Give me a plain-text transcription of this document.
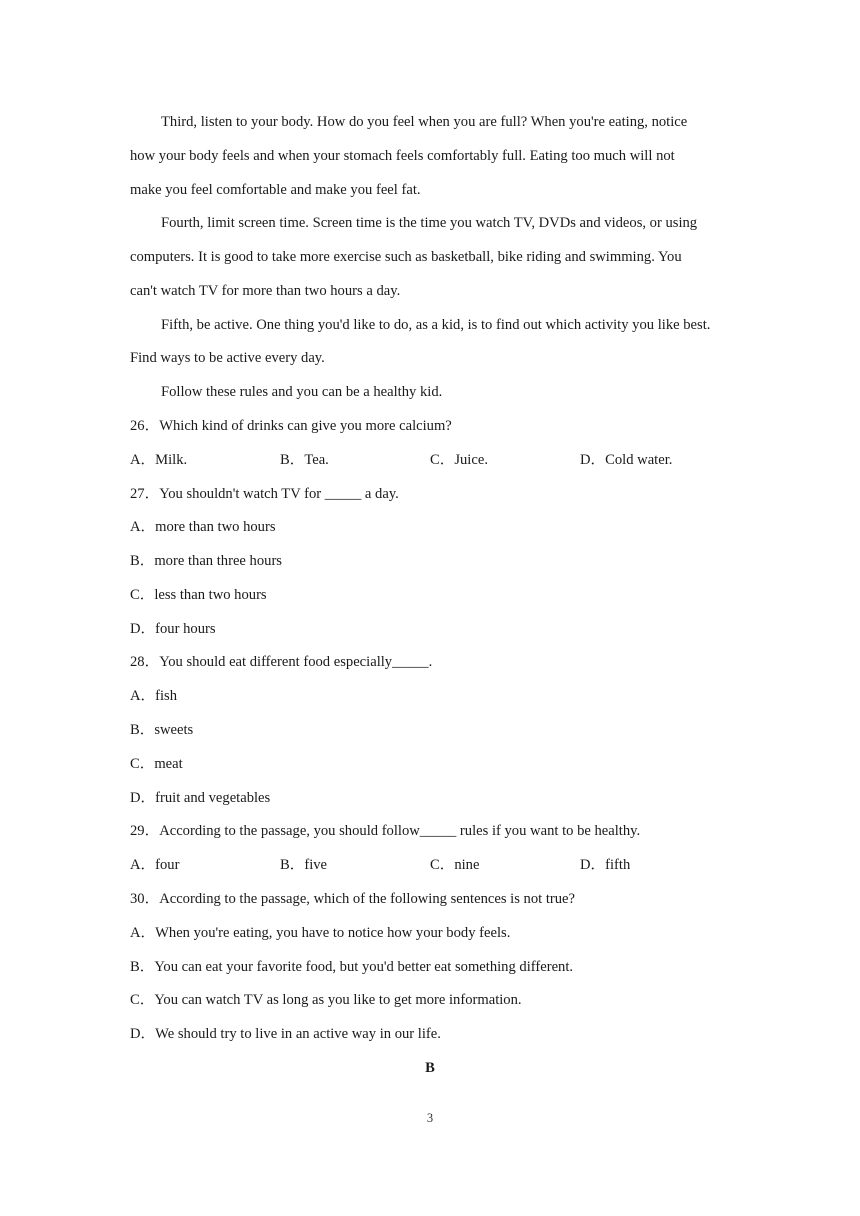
Third, listen to your body. How do you feel when you are full? When you're eating, notice
how your body feels and when your stomach feels comfortably full. Eating too much will not
make you feel comfortable and make you feel fat.
Fourth, limit screen time. Screen time is the time you watch TV, DVDs and videos, or using
computers. It is good to take more exercise such as basketball, bike riding and swimming. You
can't watch TV for more than two hours a day.
Fifth, be active. One thing you'd like to do, as a kid, is to find out which activity you like best.
Find ways to be active every day.
Follow these rules and you can be a healthy kid.
26．Which kind of drinks can give you more calcium?
A．Milk.	B．Tea.	C．Juice.	D．Cold water.
27．You shouldn't watch TV for _____ a day.
A．more than two hours
B．more than three hours
C．less than two hours
D．four hours
28．You should eat different food especially_____.
A．fish
B．sweets
C．meat
D．fruit and vegetables
29．According to the passage, you should follow_____ rules if you want to be healthy.
A．four	B．five	C．nine	D．fifth
30．According to the passage, which of the following sentences is not true?
A．When you're eating, you have to notice how your body feels.
B．You can eat your favorite food, but you'd better eat something different.
C．You can watch TV as long as you like to get more information.
D．We should try to live in an active way in our life.
B
3
